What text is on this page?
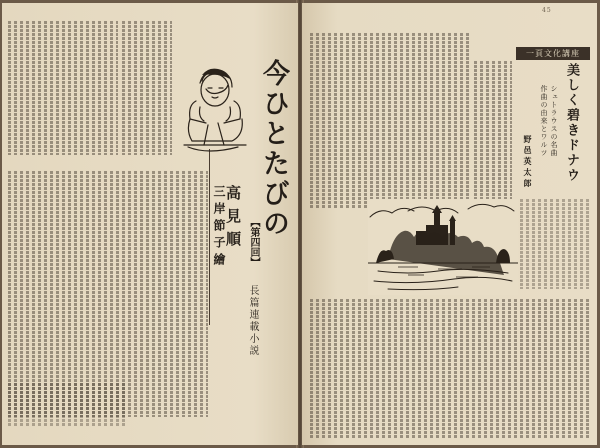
今ひとたびの
【第四回】
長篇連載小説
高見順
三岸節子繪
45
一頁文化講座
美しく碧きドナウ
シュトラウスの名曲
作曲の由来とワルツ
野邑英太郎
